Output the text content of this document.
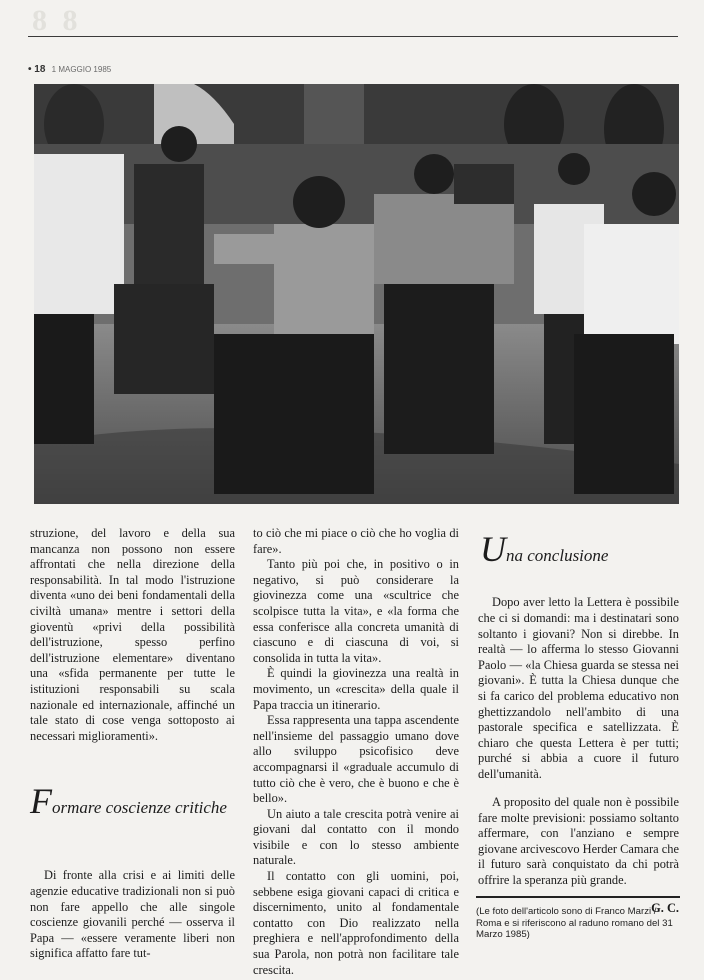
8 8
• 18 1 MAGGIO 1985

struzione, del lavoro e della sua mancanza non possono non essere affrontati che nella direzione della responsabilità. In tal modo l'istruzione diventa «uno dei beni fondamentali della civiltà umana» mentre i settori della gioventù «privi della possibilità dell'istruzione, spesso perfino dell'istruzione elementare» diventano una «sfida permanente per tutte le istituzioni responsabili su scala nazionale ed internazionale, affinché un tale stato di cose venga sottoposto ai necessari miglioramenti».

Formare coscienze critiche

Di fronte alla crisi e ai limiti delle agenzie educative tradizionali non si può non fare appello che alle singole coscienze giovanili perché — osserva il Papa — «essere veramente liberi non significa affatto fare tut-

to ciò che mi piace o ciò che ho voglia di fare».

Tanto più poi che, in positivo o in negativo, si può considerare la giovinezza come una «scultrice che scolpisce tutta la vita», e «la forma che essa conferisce alla concreta umanità di ciascuno e di ciascuna di voi, si consolida in tutta la vita».

È quindi la giovinezza una realtà in movimento, un «crescita» della quale il Papa traccia un itinerario.

Essa rappresenta una tappa ascendente nell'insieme del passaggio umano dove allo sviluppo psicofisico deve accompagnarsi il «graduale accumulo di tutto ciò che è vero, che è buono e che è bello».

Un aiuto a tale crescita potrà venire ai giovani dal contatto con il mondo visibile e con lo stesso ambiente naturale.

Il contatto con gli uomini, poi, sebbene esiga giovani capaci di critica e discernimento, unito al fondamentale contatto con Dio realizzato nella preghiera e nell'approfondimento della sua Parola, non potrà non facilitare tale crescita.

Una conclusione

Dopo aver letto la Lettera è possibile che ci si domandi: ma i destinatari sono soltanto i giovani? Non si direbbe. In realtà — lo afferma lo stesso Giovanni Paolo — «la Chiesa guarda se stessa nei giovani». È tutta la Chiesa dunque che si fa carico del problema educativo non ghettizzandolo nell'ambito di una pastorale specifica e satellizzata. È chiaro che questa Lettera è per tutti; purché si abbia a cuore il futuro dell'umanità.

A proposito del quale non è possibile fare molte previsioni: possiamo soltanto affermare, con l'anziano e sempre giovane arcivescovo Herder Camara che il futuro sarà conquistato da chi potrà offrire la speranza più grande.

G. C.

(Le foto dell'articolo sono di Franco Marzi / Roma e si riferiscono al raduno romano del 31 Marzo 1985)
